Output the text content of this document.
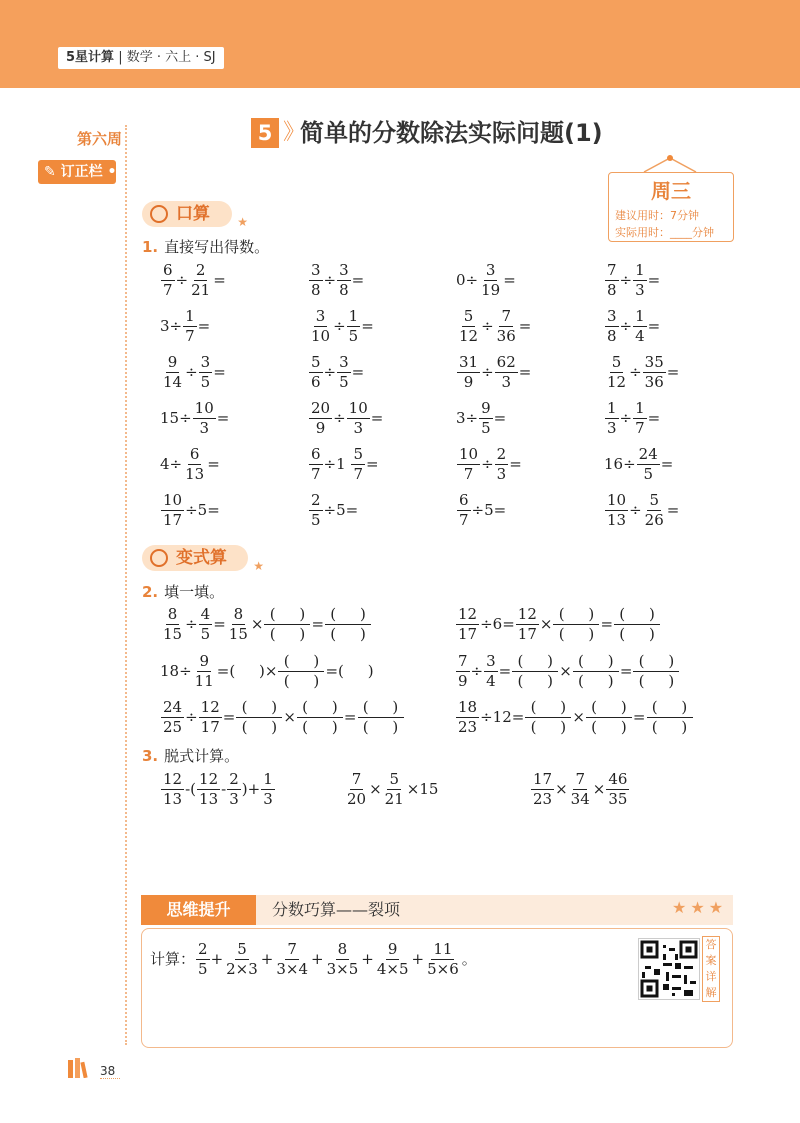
5星计算 | 数学 · 六上 · SJ
第六周
✎ 订正栏 •
5 》
简单的分数除法实际问题(1)
周三
建议用时：7分钟
实际用时：____分钟
口算 ★
1. 直接写出得数。
变式算 ★
2. 填一填。
3. 脱式计算。
思维提升	分数巧算——裂项	★★★
答案详解
38
$\frac{6}{7} \div \frac{2}{21}$ =	$\frac{3}{8} \div \frac{3}{8}$ =	$0 \div \frac{3}{19}$ =	$\frac{7}{8} \div \frac{1}{3}$ =
$3 \div \frac{1}{7}$ =	$\frac{3}{10} \div \frac{1}{5}$ =	$\frac{5}{12} \div \frac{7}{36}$ =	$\frac{3}{8} \div \frac{1}{4}$ =
$\frac{9}{14} \div \frac{3}{5}$ =	$\frac{5}{6} \div \frac{3}{5}$ =	$\frac{31}{9} \div \frac{62}{3}$ =	$\frac{5}{12} \div \frac{35}{36}$ =
$15 \div \frac{10}{3}$ =	$\frac{20}{9} \div \frac{10}{3}$ =	$3 \div \frac{9}{5}$ =	$\frac{1}{3} \div \frac{1}{7}$ =
$4 \div \frac{6}{13}$ =	$\frac{6}{7} \div 1 \frac{5}{7}$ =	$\frac{10}{7} \div \frac{2}{3}$ =	$16 \div \frac{24}{5}$ =
$\frac{10}{17} \div 5$ =	$\frac{2}{5} \div 5$ =	$\frac{6}{7} \div 5$ =	$\frac{10}{13} \div \frac{5}{26}$ =
$\frac{8}{15} \div \frac{4}{5} = \frac{8}{15} \times \frac{( )}{( )} = \frac{( )}{( )}$	$\frac{12}{17} \div 6 = \frac{12}{17} \times \frac{( )}{( )} = \frac{( )}{( )}$
$18 \div \frac{9}{11}$ = (     ) × $\frac{( )}{( )}$ = (     )	$\frac{7}{9} \div \frac{3}{4} = \frac{( )}{( )} \times \frac{( )}{( )} = \frac{( )}{( )}$
$\frac{24}{25} \div \frac{12}{17} = \frac{( )}{( )} \times \frac{( )}{( )} = \frac{( )}{( )}$	$\frac{18}{23} \div 12 = \frac{( )}{( )} \times \frac{( )}{( )} = \frac{( )}{( )}$
$\frac{12}{13}$ - ( $\frac{12}{13} - \frac{2}{3}$ ) + $\frac{1}{3}$	$\frac{7}{20} \times \frac{5}{21} \times 15$	$\frac{17}{23} \times \frac{7}{34} \times \frac{46}{35}$
计算： $\frac{2}{5} + \frac{5}{2\times 3} + \frac{7}{3\times 4} + \frac{8}{3\times 5} + \frac{9}{4\times 5} + \frac{11}{5\times 6}$ 。
